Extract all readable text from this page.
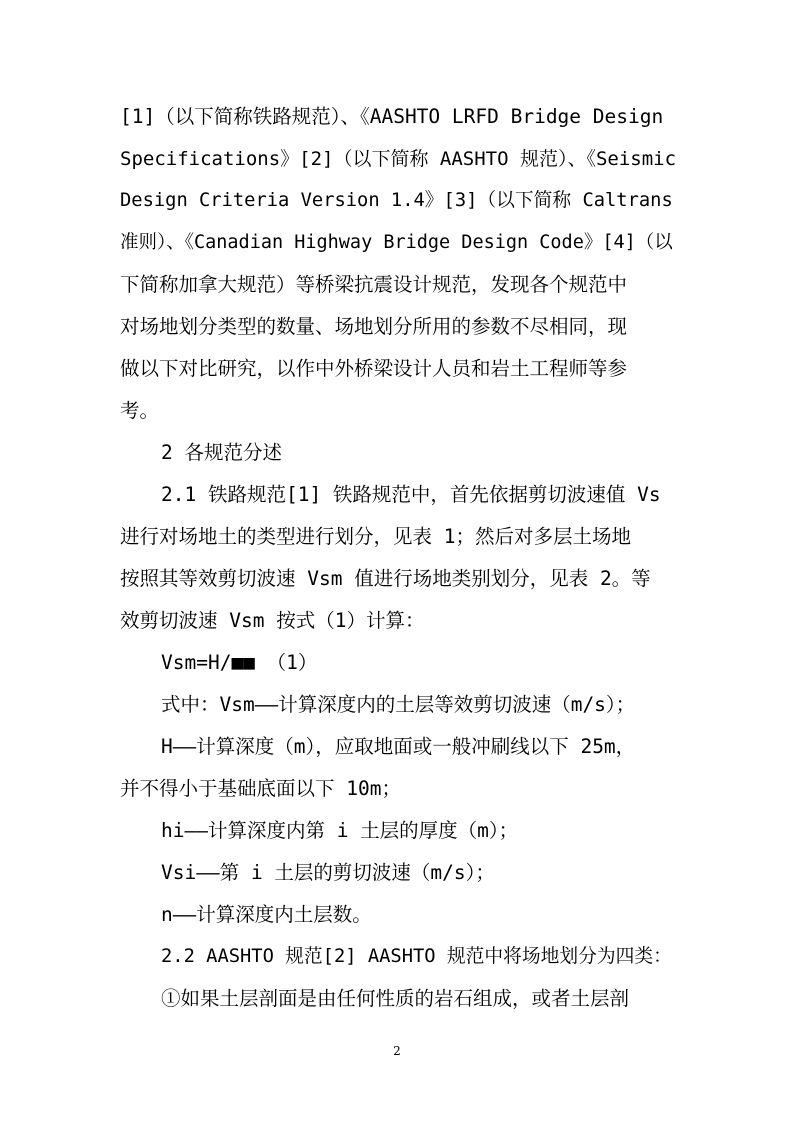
[1]（以下简称铁路规范）、《AASHTO LRFD Bridge Design
Specifications》[2]（以下简称 AASHTO 规范）、《Seismic
Design Criteria Version 1.4》[3]（以下简称 Caltrans
准则）、《Canadian Highway Bridge Design Code》[4]（以
下简称加拿大规范）等桥梁抗震设计规范，发现各个规范中
对场地划分类型的数量、场地划分所用的参数不尽相同，现
做以下对比研究，以作中外桥梁设计人员和岩土工程师等参
考。
2 各规范分述
2.1 铁路规范[1] 铁路规范中，首先依据剪切波速值 Vs
进行对场地土的类型进行划分，见表 1；然后对多层土场地
按照其等效剪切波速 Vsm 值进行场地类别划分，见表 2。等
效剪切波速 Vsm 按式（1）计算：
Vsm=H/■■ （1）
式中：Vsm——计算深度内的土层等效剪切波速（m/s）；
H——计算深度（m），应取地面或一般冲刷线以下 25m，
并不得小于基础底面以下 10m；
hi——计算深度内第 i 土层的厚度（m）；
Vsi——第 i 土层的剪切波速（m/s）；
n——计算深度内土层数。
2.2 AASHTO 规范[2] AASHTO 规范中将场地划分为四类：
①如果土层剖面是由任何性质的岩石组成，或者土层剖
2
